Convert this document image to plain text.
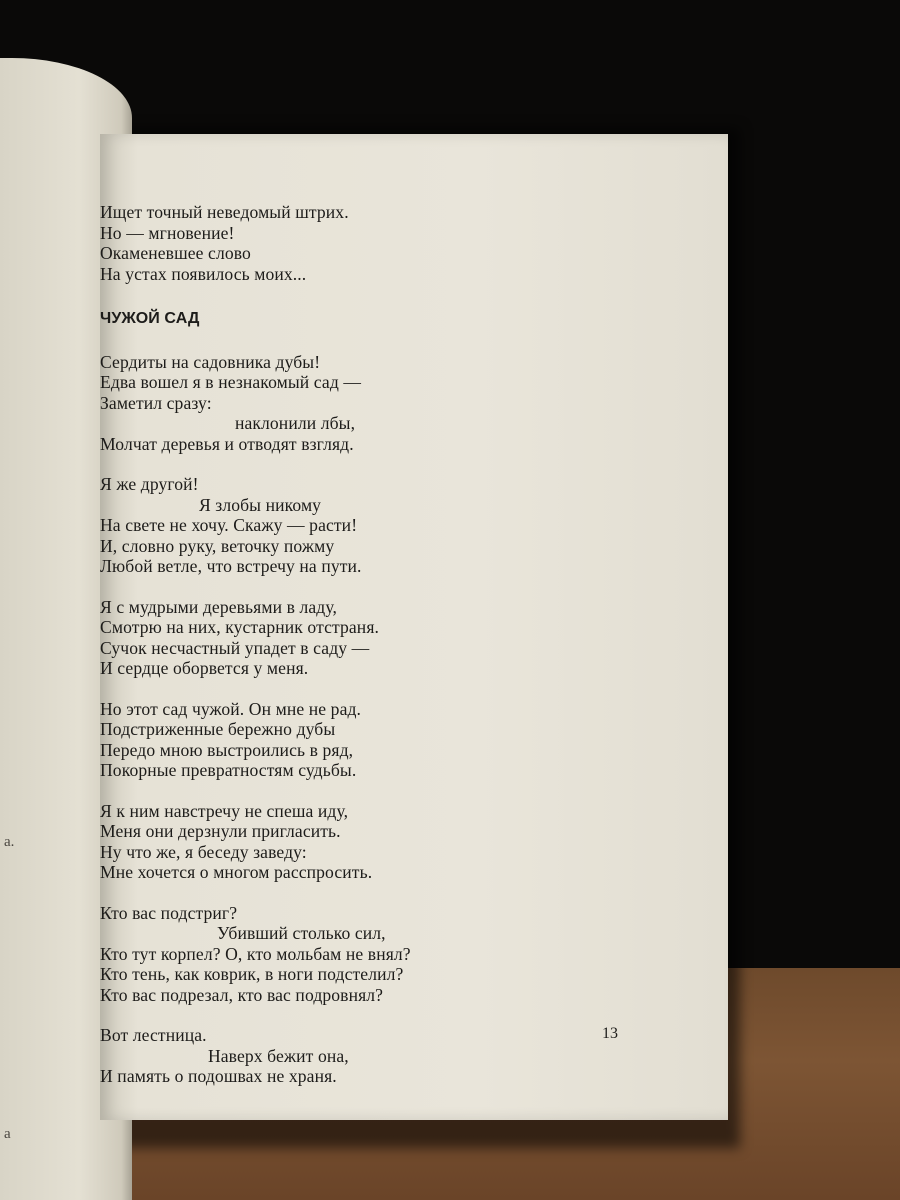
а.
а
Ищет точный неведомый штрих.
Но — мгновение!
Окаменевшее слово
На устах появилось моих...
ЧУЖОЙ САД
Сердиты на садовника дубы!
Едва вошел я в незнакомый сад —
Заметил сразу:
наклонили лбы,
Молчат деревья и отводят взгляд.
Я же другой!
Я злобы никому
На свете не хочу. Скажу — расти!
И, словно руку, веточку пожму
Любой ветле, что встречу на пути.
Я с мудрыми деревьями в ладу,
Смотрю на них, кустарник отстраня.
Сучок несчастный упадет в саду —
И сердце оборвется у меня.
Но этот сад чужой. Он мне не рад.
Подстриженные бережно дубы
Передо мною выстроились в ряд,
Покорные превратностям судьбы.
Я к ним навстречу не спеша иду,
Меня они дерзнули пригласить.
Ну что же, я беседу заведу:
Мне хочется о многом расспросить.
Кто вас подстриг?
Убивший столько сил,
Кто тут корпел? О, кто мольбам не внял?
Кто тень, как коврик, в ноги подстелил?
Кто вас подрезал, кто вас подровнял?
Вот лестница.
Наверх бежит она,
И память о подошвах не храня.
13
